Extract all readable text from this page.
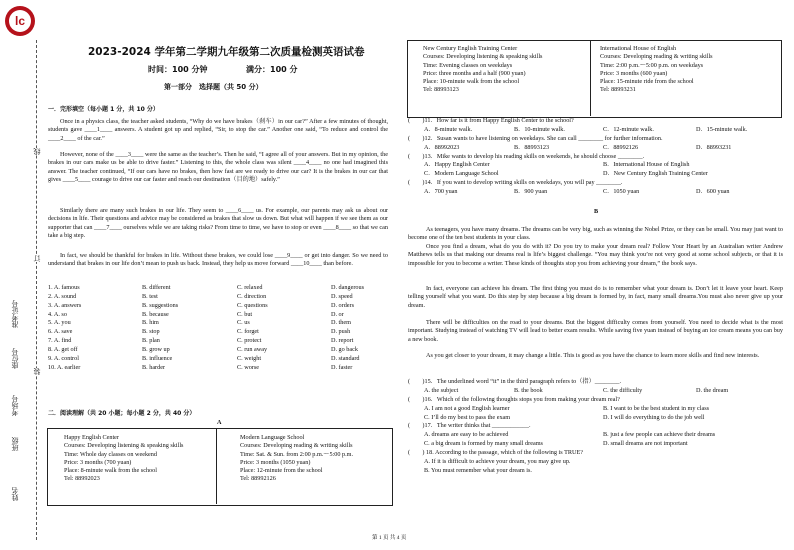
lc
准考证号
座位号
考场号
班级
姓名
线
订
装
2023-2024 学年第二学期九年级第二次质量检测英语试卷
时间：100 分钟	满分：100 分
第一部分　选择题（共 50 分）
一．完形填空（每小题 1 分，共 10 分）
Once in a physics class, the teacher asked students, “Why do we have brakes（刹车）in our car?” After a few minutes of thought, students gave ____1____ answers. A student got up and replied, “Sir, to stop the car.” Another one said, “To reduce and control the ____2____ of the car.”
However, none of the ____3____ were the same as the teacher’s. Then he said, “I agree all of your answers. But in my opinion, the brakes in our cars make us be able to drive faster.” Listening to this, the whole class was silent ____4____ no one had imagined this answer. The teacher continued, “If our cars have no brakes, then how fast are we ready to drive our car? It is the brakes in our car that gives ____5____ courage to drive our car faster and reach our destination（目的地）safely.”
Similarly there are many such brakes in our life. They seem to ____6____ us. For example, our parents may ask us about our decisions in life. Their questions and advice may be considered as brakes that slow us down. But what will happen if we see them as our supporter that can ____7____ ourselves while we are taking risks? From time to time, we have to stop or even ____8____ so that we can take a big step.
In fact, we should be thankful for brakes in life. Without these brakes, we could lose ____9____ or get into danger. So we need to understand that brakes in our life don’t mean to push us back. Instead, they help us move forward ____10____ than before.
1. A. famous	B. different	C. relaxed	D. dangerous
2. A. sound	B. test	C. direction	D. speed
3. A. answers	B. suggestions	C. questions	D. orders
4. A. so	B. because	C. but	D. or
5. A. you	B. him	C. us	D. them
6. A. save	B. stop	C. forget	D. push
7. A. find	B. plan	C. protect	D. report
8. A. get off	B. grow up	C. run away	D. go back
9. A. control	B. influence	C. weight	D. standard
10. A. earlier	B. harder	C. worse	D. faster
二．阅读理解（共 20 小题；每小题 2 分，共 40 分）
A
Happy English Center
Courses: Developing listening & speaking skills
Time: Whole day classes on weekend
Price: 3 months (700 yuan)
Place: 8-minute walk from the school
Tel: 88992023
Modern Language School
Courses: Developing reading & writing skills
Time: Sat. & Sun. from 2:00 p.m.～5:00 p.m.
Price: 3 months (1050 yuan)
Place: 12-minute from the school
Tel: 88992126
第 1 页 共 4 页
New Century English Training Center
Courses: Developing listening & speaking skills
Time: Evening classes on weekdays
Price: three months and a half (900 yuan)
Place: 10-minute walk from the school
Tel: 88993123
International House of English
Courses: Developing reading & writing skills
Time: 2:00 p.m.～5:00 p.m. on weekdays
Price: 3 months (600 yuan)
Place: 15-minute ride from the school
Tel: 88993231
(　　)11．How far is it from Happy English Center to the school?
A．8-minute walk.	B．10-minute walk.	C．12-minute walk.	D．15-minute walk.
(　　)12．Susan wants to have listening on weekdays. She can call ________ for further information.
A．88992023	B．88993123	C．88992126	D．88993231
(　　)13．Mike wants to develop his reading skills on weekends, he should choose ________.
A．Happy English Center	B．International House of English
C．Modern Language School	D．New Century English Training Center
(　　)14．If you want to develop writing skills on weekdays, you will pay ________.
A．700 yuan	B．900 yuan	C．1050 yuan	D．600 yuan
B
As teenagers, you have many dreams. The dreams can be very big, such as winning the Nobel Prize, or they can be small. You may just want to become one of the ten best students in your class.
Once you find a dream, what do you do with it? Do you try to make your dream real? Follow Your Heart by an Australian writer Andrew Matthews tells us that making our dreams real is life’s biggest challenge. “You may think you’re not very good at some school subjects, or that it is impossible for you to become a writer. These kinds of thoughts stop you from achieving your dream,” the book says.
In fact, everyone can achieve his dream. The first thing you must do is to remember what your dream is. Don’t let it leave your heart. Keep telling yourself what you want. Do this step by step because a big dream is formed by, in fact, many small dreams.You must also never give up your dream.
There will be difficulties on the road to your dreams. But the biggest difficulty comes from yourself. You need to decide what is the most important. Studying instead of watching TV will lead to better exam results. While saving five yuan instead of buying an ice cream means you can buy a new book.
As you get closer to your dream, it may change a little. This is good as you have the chance to learn more skills and find new interests.
(　　)15．The underlined word “it” in the third paragraph refers to（指）________.
A. the subject	B. the book	C. the difficulty	D. the dream
(　　)16．Which of the following thoughts stops you from making your dream real?
A. I am not a good English learner	B. I want to be the best student in my class
C. I’ll do my best to pass the exam	D. I will do everything to do the job well
(　　)17．The writer thinks that ____________.
A. dreams are easy to be achieved	B. just a few people can achieve their dreams
C. a big dream is formed by many small dreams	D. small dreams are not important
(　　) 18. According to the passage, which of the following is TRUE?
A. If it is difficult to achieve your dream, you may give up.
B. You must remember what your dream is.
